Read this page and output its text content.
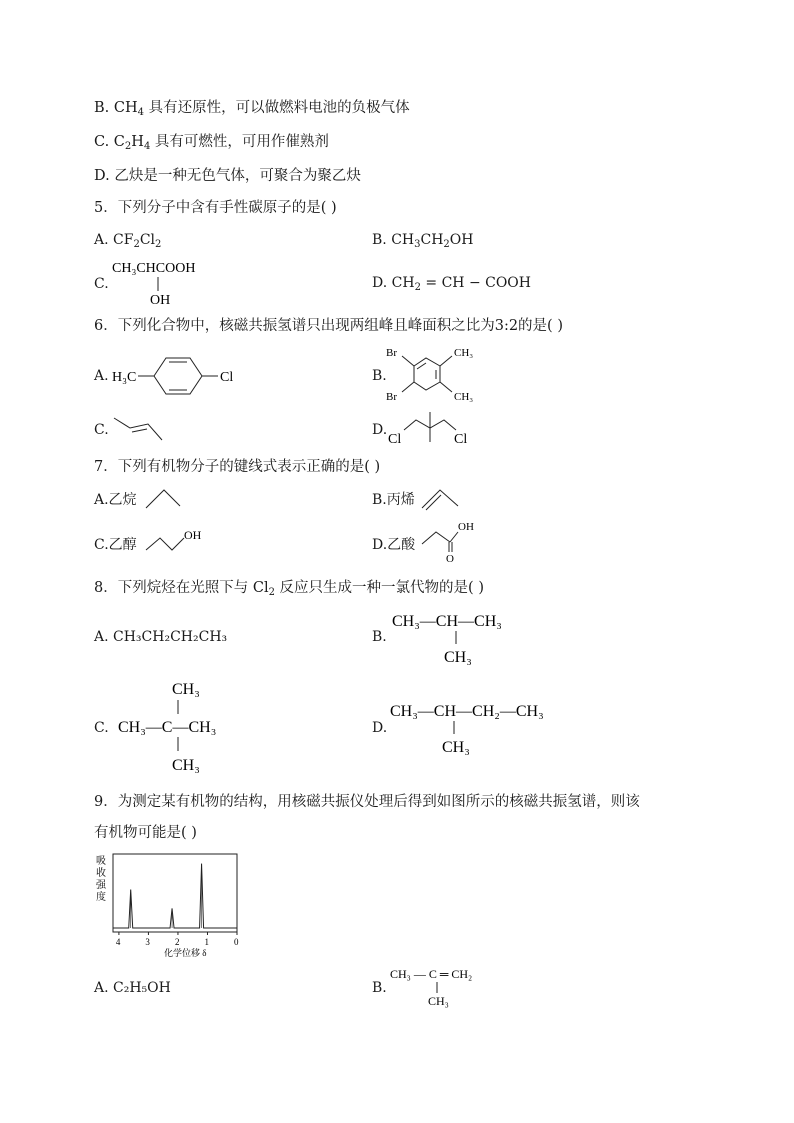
B. $CH_4$ 具有还原性，可以做燃料电池的负极气体
C. $C_2H_4$ 具有可燃性，可用作催熟剂
D. 乙炔是一种无色气体，可聚合为聚乙炔
5．下列分子中含有手性碳原子的是( )
A. $CF_2Cl_2$	B. $CH_3CH_2OH$
C.
CH₃CHCOOH
OH
D. $CH_2$ = CH − COOH
6．下列化合物中，核磁共振氢谱只出现两组峰且峰面积之比为3:2的是( )
A. H₃C	Cl	B.
Br
Br
CH₃
CH₃
C.	D.
Cl	Cl
7．下列有机物分子的键线式表示正确的是( )
A.乙烷	B.丙烯
C.乙醇
OH
D.乙酸
OH
O
8．下列烷烃在光照下与 $Cl_2$ 反应只生成一种一氯代物的是( )
A. CH₃CH₂CH₂CH₃	B.
CH₃—CH—CH₃
CH₃
C.
CH₃
CH₃—C—CH₃
CH₃
D.
CH₃—CH—CH₂—CH₃
CH₃
9．为测定某有机物的结构，用核磁共振仪处理后得到如图所示的核磁共振氢谱，则该
有机物可能是( )
吸
收
强
度
4	3	2	1	0
化学位移 δ
A. C₂H₅OH	B.
CH₃ — C ═ CH₂
CH₃
